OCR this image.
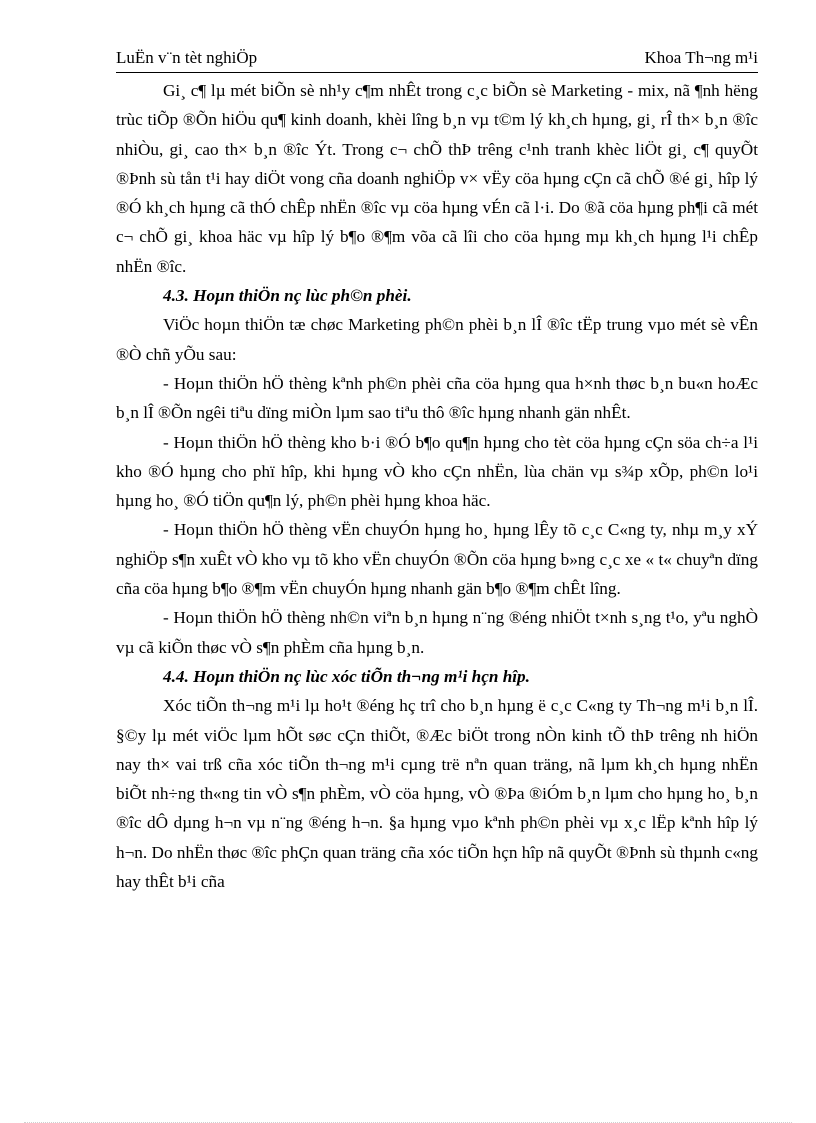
LuËn v¨n tèt nghiÖp	Khoa Th¬ng m¹i

Gi¸ c¶ lµ mét biÕn sè nh¹y c¶m nhÊt trong c¸c biÕn sè Marketing - mix, nã ¶nh hëng trùc tiÕp ®Õn hiÖu qu¶ kinh doanh, khèi lîng b¸n vµ t©m lý kh¸ch hµng, gi¸ rÎ th× b¸n ®îc nhiÒu, gi¸ cao th× b¸n ®îc Ýt. Trong c¬ chÕ thÞ trêng c¹nh tranh khèc liÖt gi¸ c¶ quyÕt ®Þnh sù tån t¹i hay diÖt vong cña doanh nghiÖp v× vËy cöa hµng cÇn cã chÕ ®é gi¸ hîp lý ®Ó kh¸ch hµng cã thÓ chÊp nhËn ®îc vµ cöa hµng vÉn cã l·i. Do ®ã cöa hµng ph¶i cã mét c¬ chÕ gi¸ khoa häc vµ hîp lý b¶o ®¶m võa cã lîi cho cöa hµng mµ kh¸ch hµng l¹i chÊp nhËn ®îc.

4.3. Hoµn thiÖn nç lùc ph©n phèi.

ViÖc hoµn thiÖn tæ chøc Marketing ph©n phèi b¸n lÎ ®îc tËp trung vµo mét sè vÊn ®Ò chñ yÕu sau:

- Hoµn thiÖn hÖ thèng kªnh ph©n phèi cña cöa hµng qua h×nh thøc b¸n bu«n hoÆc b¸n lÎ ®Õn ngêi tiªu dïng miÒn lµm sao tiªu thô ®îc hµng nhanh gän nhÊt.

- Hoµn thiÖn hÖ thèng kho b·i ®Ó b¶o qu¶n hµng cho tèt cöa hµng cÇn söa ch÷a l¹i kho ®Ó hµng cho phï hîp, khi hµng vÒ kho cÇn nhËn, lùa chän vµ s¾p xÕp, ph©n lo¹i hµng ho¸ ®Ó tiÖn qu¶n lý, ph©n phèi hµng khoa häc.

- Hoµn thiÖn hÖ thèng vËn chuyÓn hµng ho¸ hµng lÊy tõ c¸c C«ng ty, nhµ m¸y xÝ nghiÖp s¶n xuÊt vÒ kho vµ tõ kho vËn chuyÓn ®Õn cöa hµng b»ng c¸c xe « t« chuyªn dïng cña cöa hµng b¶o ®¶m vËn chuyÓn hµng nhanh gän b¶o ®¶m chÊt lîng.

- Hoµn thiÖn hÖ thèng nh©n viªn b¸n hµng n¨ng ®éng nhiÖt t×nh s¸ng t¹o, yªu nghÒ vµ cã kiÕn thøc vÒ s¶n phÈm cña hµng b¸n.

4.4. Hoµn thiÖn nç lùc xóc tiÕn th¬ng m¹i hçn hîp.

Xóc tiÕn th¬ng m¹i lµ ho¹t ®éng hç trî cho b¸n hµng ë c¸c C«ng ty Th¬ng m¹i b¸n lÎ. §©y lµ mét viÖc lµm hÕt søc cÇn thiÕt, ®Æc biÖt trong nÒn kinh tÕ thÞ trêng nh hiÖn nay th× vai trß cña xóc tiÕn th¬ng m¹i cµng trë nªn quan träng, nã lµm kh¸ch hµng nhËn biÕt nh÷ng th«ng tin vÒ s¶n phÈm, vÒ cöa hµng, vÒ ®Þa ®iÓm b¸n lµm cho hµng ho¸ b¸n ®îc dÔ dµng h¬n vµ n¨ng ®éng h¬n. §a hµng vµo kªnh ph©n phèi vµ x¸c lËp kªnh hîp lý h¬n. Do nhËn thøc ®îc phÇn quan träng cña xóc tiÕn hçn hîp nã quyÕt ®Þnh sù thµnh c«ng hay thÊt b¹i cña
